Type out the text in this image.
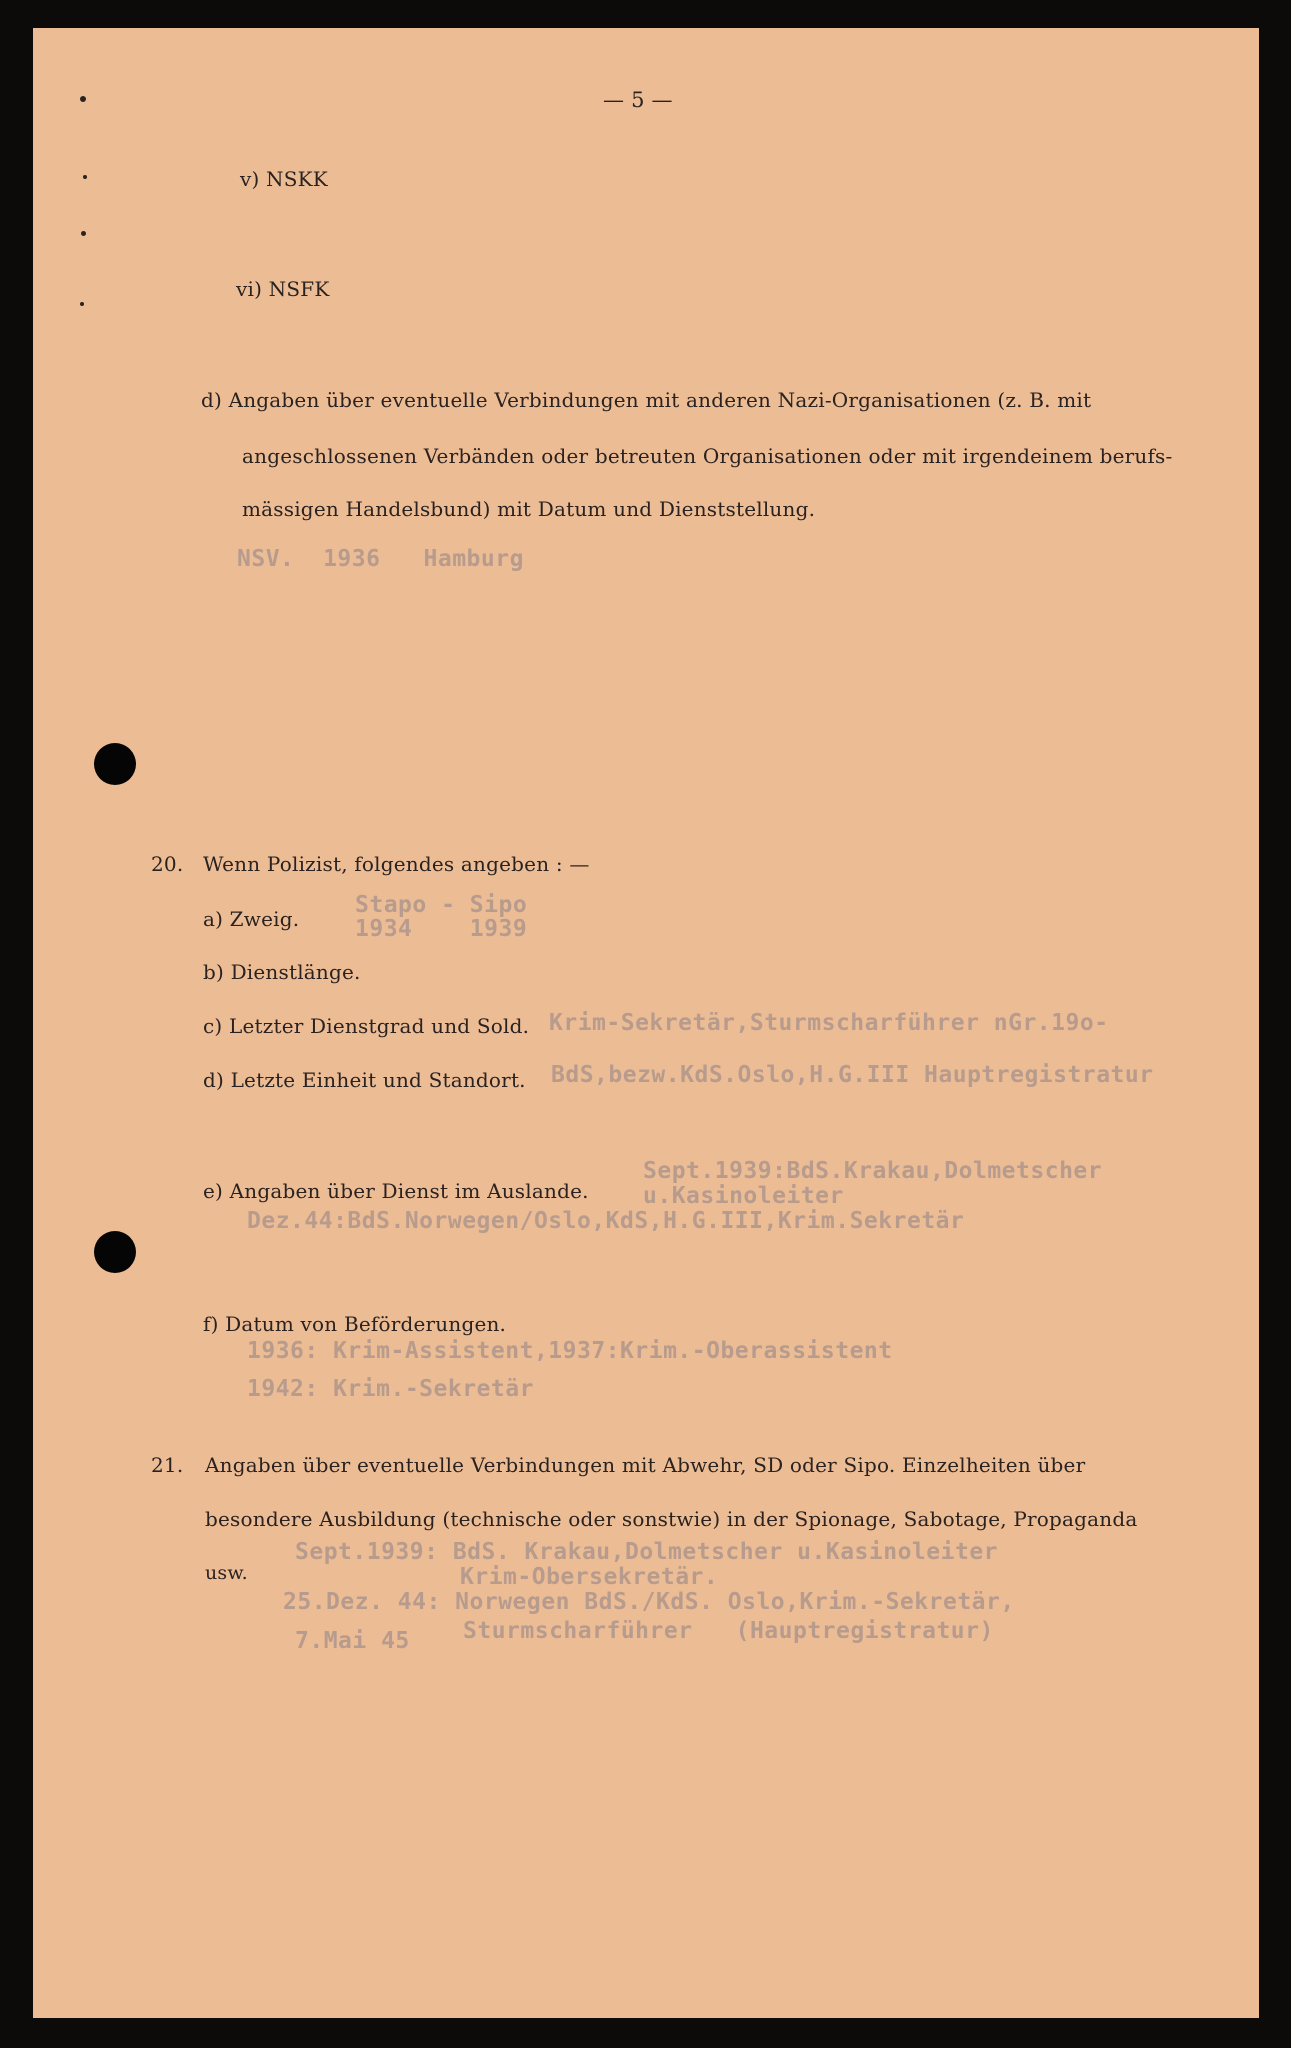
— 5 —
v) NSKK
vi) NSFK
d) Angaben über eventuelle Verbindungen mit anderen Nazi-Organisationen (z. B. mit
angeschlossenen Verbänden oder betreuten Organisationen oder mit irgendeinem berufs-
mässigen Handelsbund) mit Datum und Dienststellung.
NSV.  1936   Hamburg
20. Wenn Polizist, folgendes angeben : —
a) Zweig.
Stapo - Sipo
1934    1939
b) Dienstlänge.
c) Letzter Dienstgrad und Sold. Krim-Sekretär,Sturmscharführer nGr.19o-
d) Letzte Einheit und Standort. BdS,bezw.KdS.Oslo,H.G.III Hauptregistratur
e) Angaben über Dienst im Auslande.
Sept.1939:BdS.Krakau,Dolmetscher
u.Kasinoleiter
Dez.44:BdS.Norwegen/Oslo,KdS,H.G.III,Krim.Sekretär
f) Datum von Beförderungen.
1936: Krim-Assistent,1937:Krim.-Oberassistent
1942: Krim.-Sekretär
21. Angaben über eventuelle Verbindungen mit Abwehr, SD oder Sipo. Einzelheiten über
besondere Ausbildung (technische oder sonstwie) in der Spionage, Sabotage, Propaganda
usw.
Sept.1939: BdS. Krakau,Dolmetscher u.Kasinoleiter
Krim-Obersekretär.
25.Dez. 44: Norwegen BdS./KdS. Oslo,Krim.-Sekretär,
Sturmscharführer   (Hauptregistratur)
7.Mai 45
